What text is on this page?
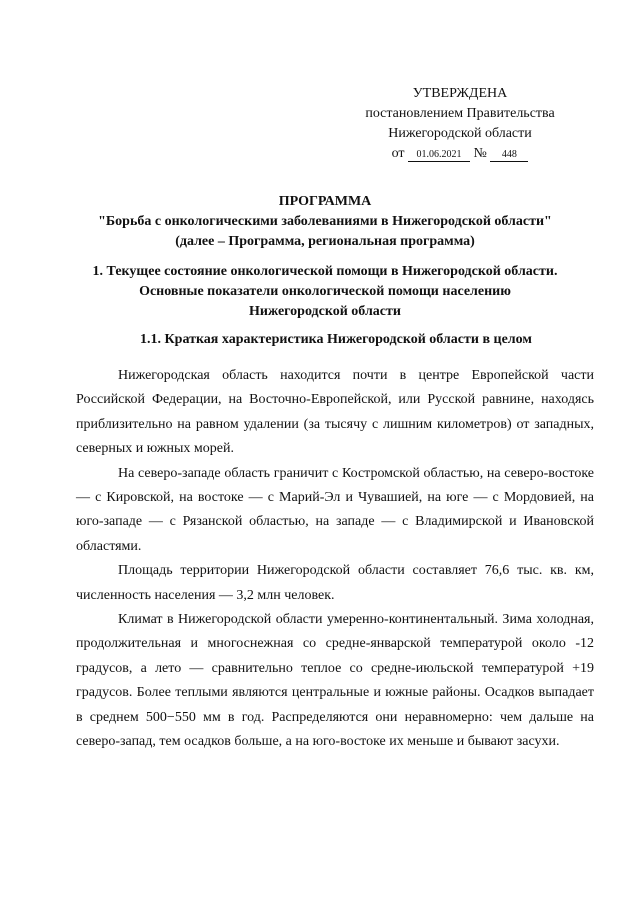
УТВЕРЖДЕНА
постановлением Правительства
Нижегородской области
от 01.06.2021 № 448
ПРОГРАММА
"Борьба с онкологическими заболеваниями в Нижегородской области"
(далее – Программа, региональная программа)
1. Текущее состояние онкологической помощи в Нижегородской области.
Основные показатели онкологической помощи населению
Нижегородской области
1.1. Краткая характеристика Нижегородской области в целом

Нижегородская область находится почти в центре Европейской части Российской Федерации, на Восточно-Европейской, или Русской равнине, находясь приблизительно на равном удалении (за тысячу с лишним километров) от западных, северных и южных морей.

На северо-западе область граничит с Костромской областью, на северо-востоке — с Кировской, на востоке — с Марий-Эл и Чувашией, на юге — с Мордовией, на юго-западе — с Рязанской областью, на западе — с Владимирской и Ивановской областями.

Площадь территории Нижегородской области составляет 76,6 тыс. кв. км, численность населения — 3,2 млн человек.

Климат в Нижегородской области умеренно-континентальный. Зима холодная, продолжительная и многоснежная со средне-январской температурой около -12 градусов, а лето — сравнительно теплое со средне-июльской температурой +19 градусов. Более теплыми являются центральные и южные районы. Осадков выпадает в среднем 500−550 мм в год. Распределяются они неравномерно: чем дальше на северо-запад, тем осадков больше, а на юго-востоке их меньше и бывают засухи.
